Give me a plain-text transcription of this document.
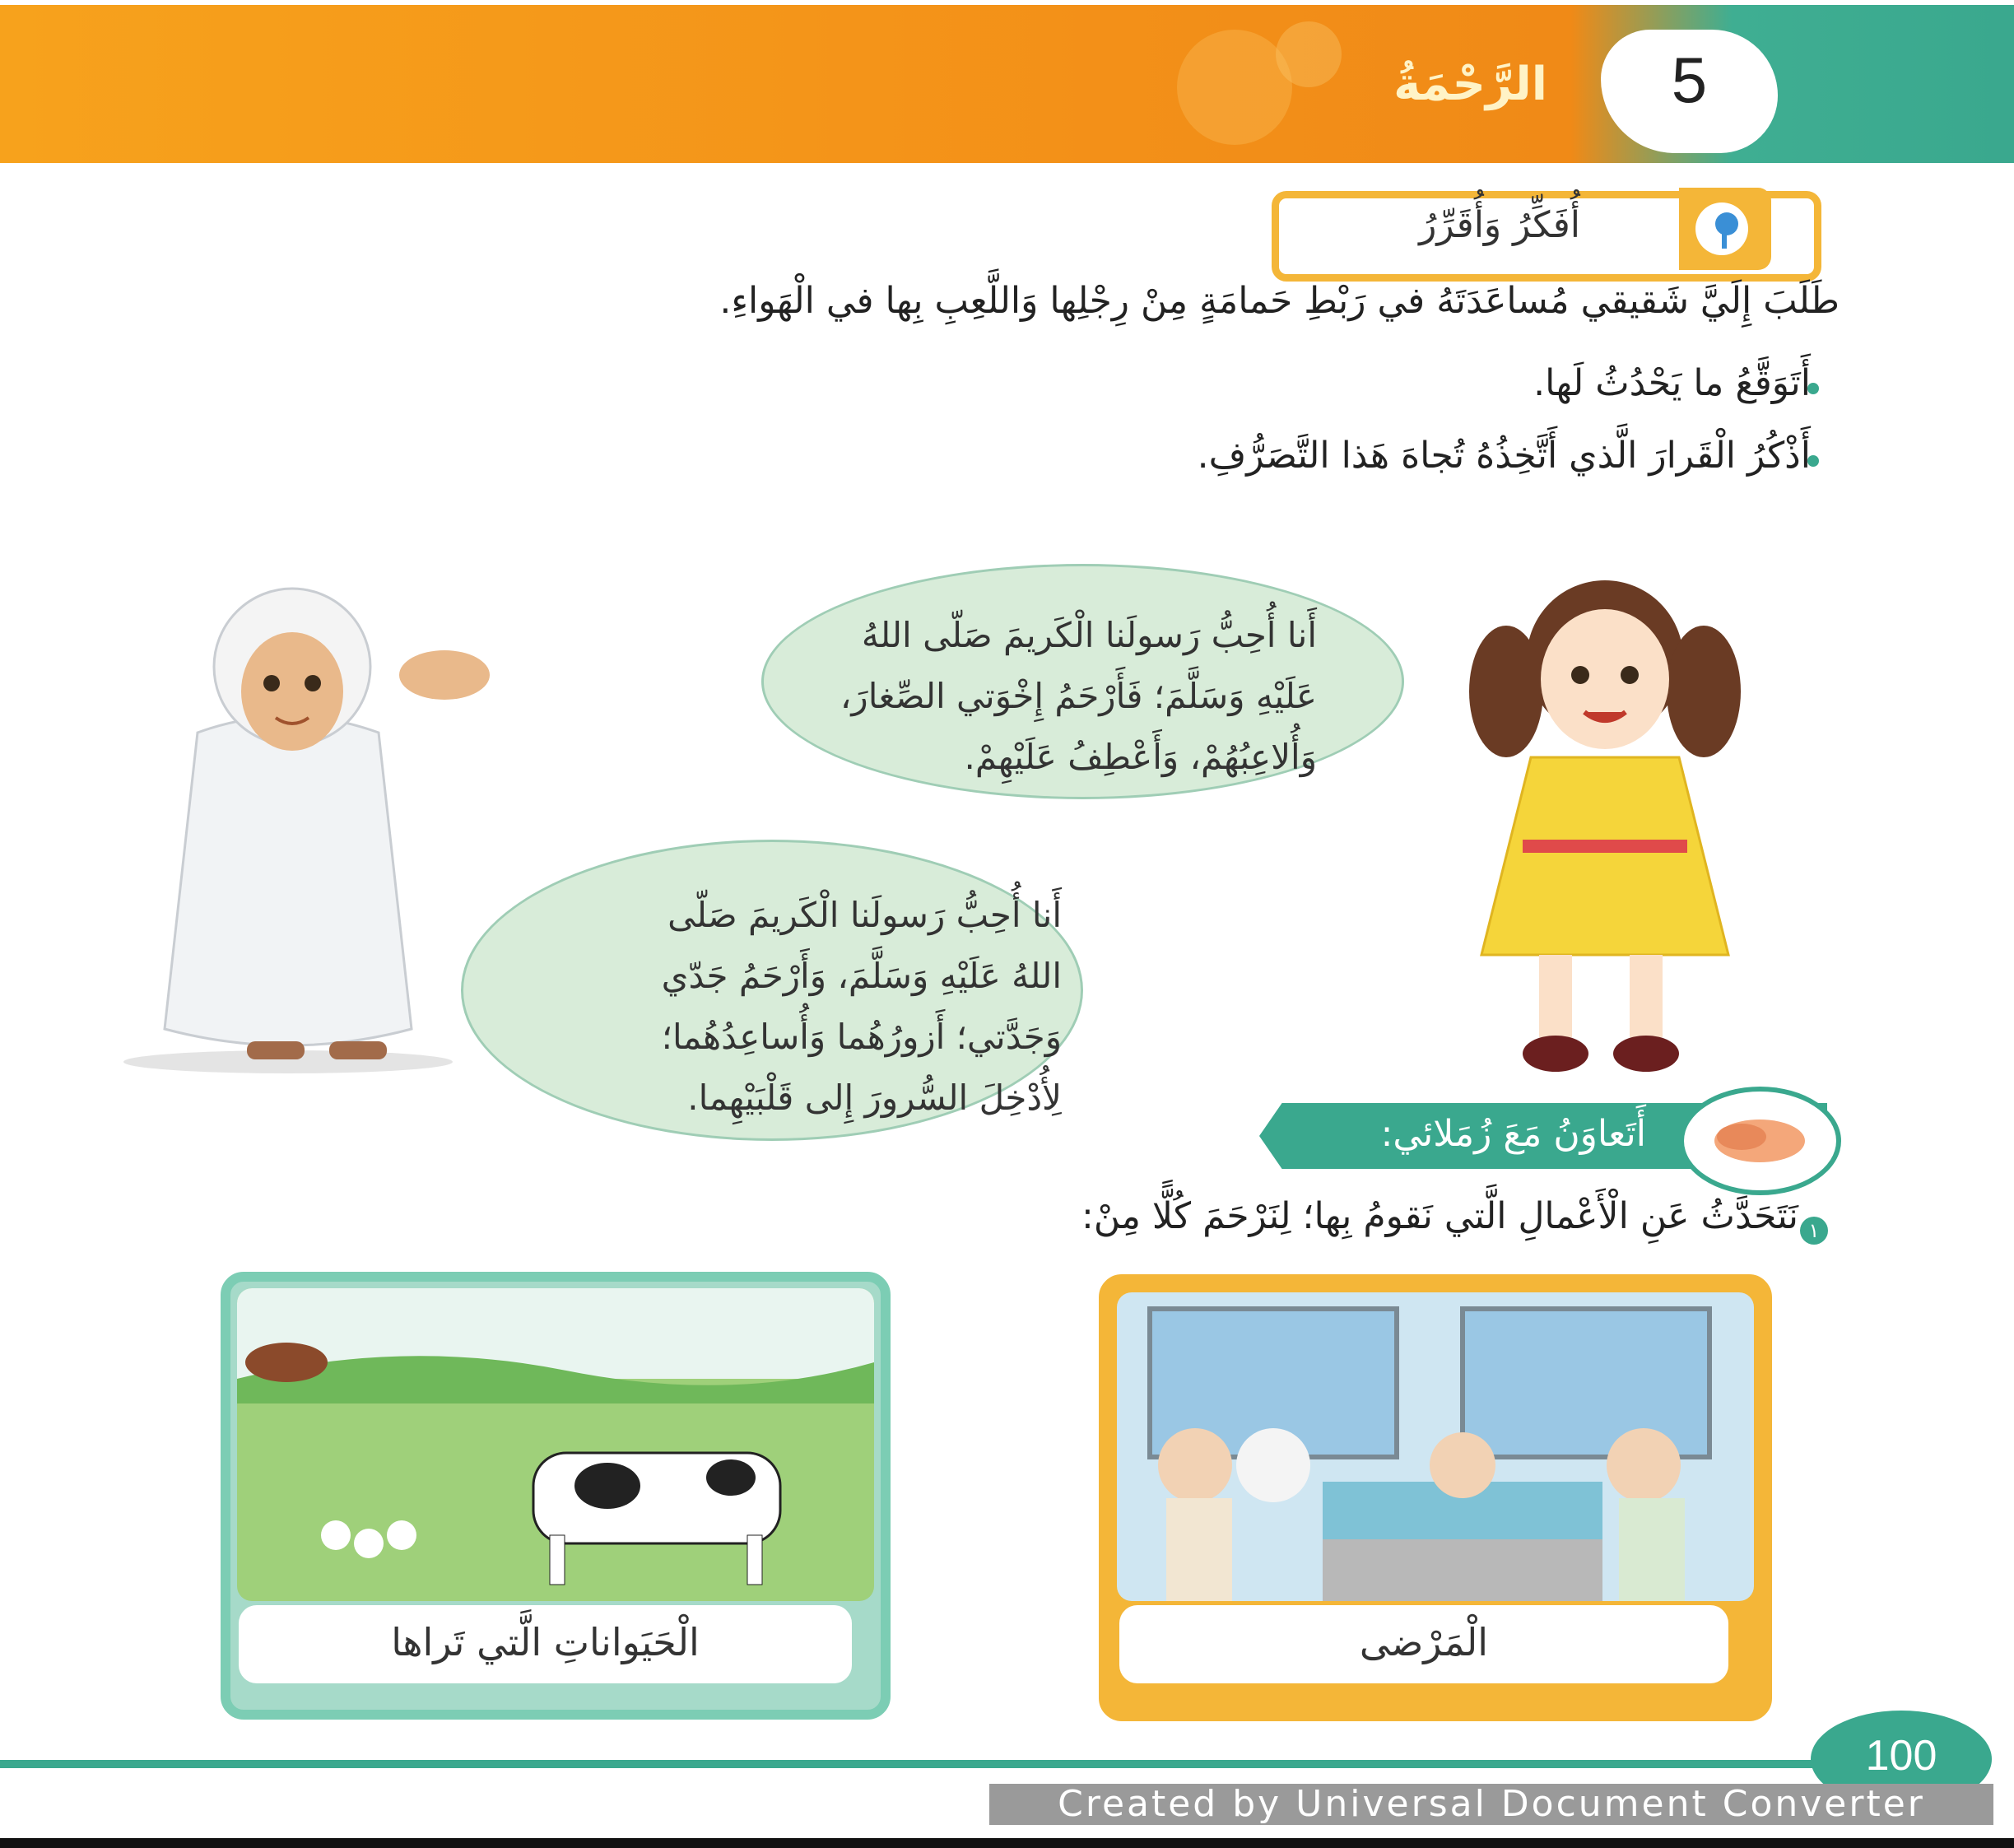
5
الرَّحْمَةُ
أُفَكِّرُ وَأُقَرِّرُ
طَلَبَ إِلَيَّ شَقيقي مُساعَدَتَهُ في رَبْطِ حَمامَةٍ مِنْ رِجْلِها وَاللَّعِبِ بِها في الْهَواءِ.
أَتَوَقَّعُ ما يَحْدُثُ لَها.
أَذْكُرُ الْقَرارَ الَّذي أَتَّخِذُهُ تُجاهَ هَذا التَّصَرُّفِ.
أَنا أُحِبُّ رَسولَنا الْكَريمَ صَلّى اللهُ
عَلَيْهِ وَسَلَّمَ؛ فَأَرْحَمُ إِخْوَتي الصِّغارَ،
وَأُلاعِبُهُمْ، وَأَعْطِفُ عَلَيْهِمْ.
أَنا أُحِبُّ رَسولَنا الْكَريمَ صَلّى
اللهُ عَلَيْهِ وَسَلَّمَ، وَأَرْحَمُ جَدّي
وَجَدَّتي؛ أَزورُهُما وَأُساعِدُهُما؛
لِأُدْخِلَ السُّرورَ إِلى قَلْبَيْهِما.
أَتَعاوَنُ مَعَ زُمَلائي:
١
نَتَحَدَّثُ عَنِ الْأَعْمالِ الَّتي نَقومُ بِها؛ لِنَرْحَمَ كُلًّا مِنْ:
الْحَيَواناتِ الَّتي تَراها	الْمَرْضى
100
Created by Universal Document Converter
